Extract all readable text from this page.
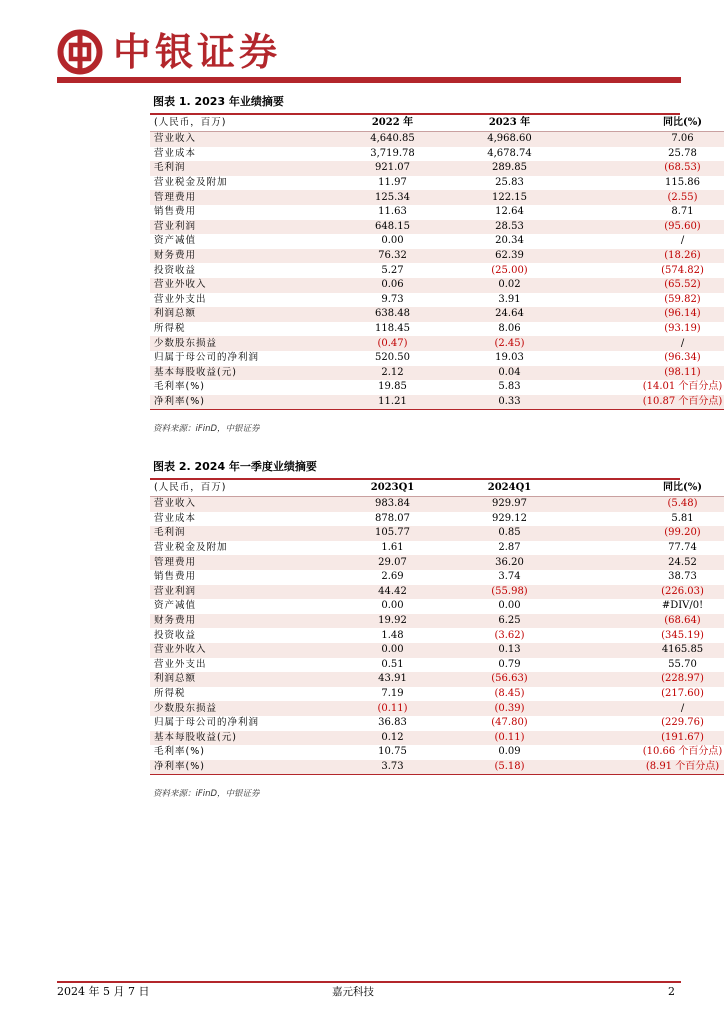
中银证券
图表 1. 2023 年业绩摘要
(人民币，百万)	2022 年	2023 年	同比(%)
营业收入	4,640.85	4,968.60	7.06
营业成本	3,719.78	4,678.74	25.78
毛利润	921.07	289.85	(68.53)
营业税金及附加	11.97	25.83	115.86
管理费用	125.34	122.15	(2.55)
销售费用	11.63	12.64	8.71
营业利润	648.15	28.53	(95.60)
资产减值	0.00	20.34	/
财务费用	76.32	62.39	(18.26)
投资收益	5.27	(25.00)	(574.82)
营业外收入	0.06	0.02	(65.52)
营业外支出	9.73	3.91	(59.82)
利润总额	638.48	24.64	(96.14)
所得税	118.45	8.06	(93.19)
少数股东损益	(0.47)	(2.45)	/
归属于母公司的净利润	520.50	19.03	(96.34)
基本每股收益(元)	2.12	0.04	(98.11)
毛利率(%)	19.85	5.83	(14.01 个百分点)
净利率(%)	11.21	0.33	(10.87 个百分点)
资料来源：iFinD，中银证券
图表 2. 2024 年一季度业绩摘要
(人民币，百万)	2023Q1	2024Q1	同比(%)
营业收入	983.84	929.97	(5.48)
营业成本	878.07	929.12	5.81
毛利润	105.77	0.85	(99.20)
营业税金及附加	1.61	2.87	77.74
管理费用	29.07	36.20	24.52
销售费用	2.69	3.74	38.73
营业利润	44.42	(55.98)	(226.03)
资产减值	0.00	0.00	#DIV/0!
财务费用	19.92	6.25	(68.64)
投资收益	1.48	(3.62)	(345.19)
营业外收入	0.00	0.13	4165.85
营业外支出	0.51	0.79	55.70
利润总额	43.91	(56.63)	(228.97)
所得税	7.19	(8.45)	(217.60)
少数股东损益	(0.11)	(0.39)	/
归属于母公司的净利润	36.83	(47.80)	(229.76)
基本每股收益(元)	0.12	(0.11)	(191.67)
毛利率(%)	10.75	0.09	(10.66 个百分点)
净利率(%)	3.73	(5.18)	(8.91 个百分点)
资料来源：iFinD，中银证券
2024 年 5 月 7 日	嘉元科技	2
